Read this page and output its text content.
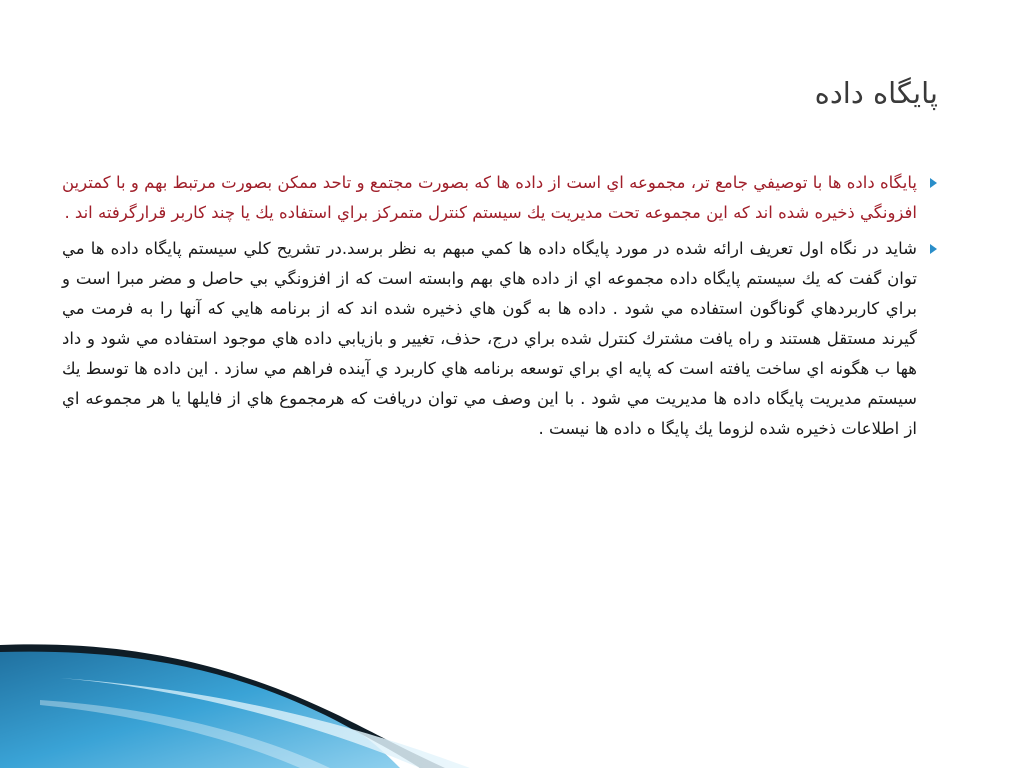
پايگاه داده

پايگاه داده ها با توصيفي جامع تر، مجموعه اي است از داده ها كه بصورت مجتمع و تاحد ممكن بصورت مرتبط بهم و با كمترين افزونگي ذخيره شده اند كه اين مجموعه تحت مديريت يك سيستم كنترل متمركز براي استفاده يك يا چند كاربر قرارگرفته اند .

شايد در نگاه اول تعريف ارائه شده در مورد پايگاه داده ها كمي مبهم به نظر برسد.در تشريح كلي سيستم پايگاه داده ها مي توان گفت كه يك سيستم پايگاه داده مجموعه اي از داده هاي بهم وابسته است كه از افزونگي بي حاصل و مضر مبرا است و براي كاربردهاي گوناگون استفاده مي شود . داده ها به گون هاي ذخيره شده اند كه از برنامه هايي كه آنها را به فرمت مي گيرند مستقل هستند و راه يافت مشترك كنترل شده براي درج، حذف، تغيير و بازيابي داده هاي موجود استفاده مي شود و داد هها ب هگونه اي ساخت يافته است كه پايه اي براي توسعه برنامه هاي كاربرد ي آينده فراهم مي سازد . اين داده ها توسط يك سيستم مديريت پايگاه داده ها مديريت مي شود . با اين وصف مي توان دريافت كه هرمجموع هاي از فايلها يا هر مجموعه اي از اطلاعات ذخيره شده لزوما يك پايگا ه داده ها نيست .
